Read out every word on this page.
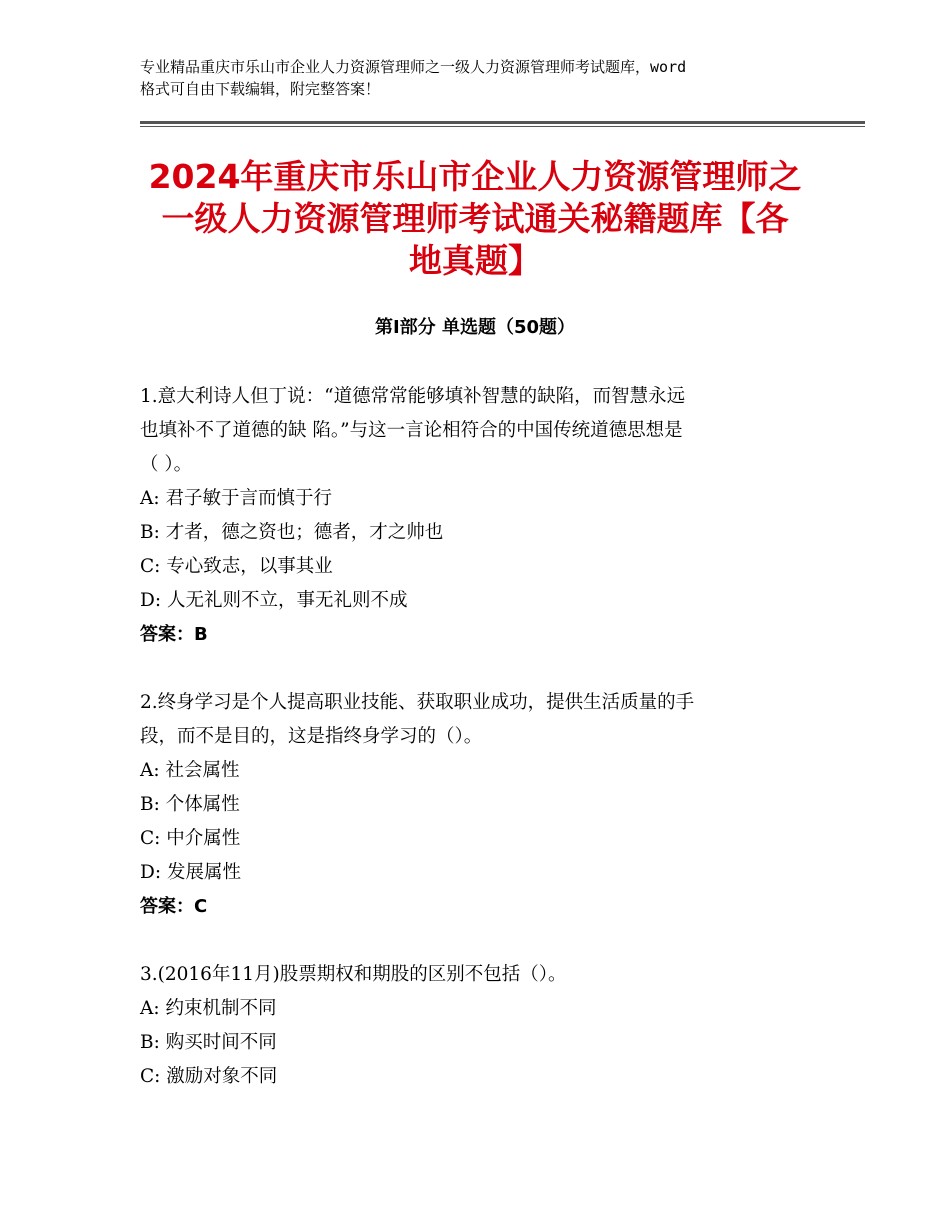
专业精品重庆市乐山市企业人力资源管理师之一级人力资源管理师考试题库，word
格式可自由下载编辑，附完整答案！
2024年重庆市乐山市企业人力资源管理师之
一级人力资源管理师考试通关秘籍题库【各
地真题】
第Ⅰ部分 单选题（50题）
1.意大利诗人但丁说：“道德常常能够填补智慧的缺陷，而智慧永远
也填补不了道德的缺 陷。”与这一言论相符合的中国传统道德思想是
（ ）。
A: 君子敏于言而慎于行
B: 才者，德之资也；德者，才之帅也
C: 专心致志，以事其业
D: 人无礼则不立，事无礼则不成
答案：B
2.终身学习是个人提高职业技能、获取职业成功，提供生活质量的手
段，而不是目的，这是指终身学习的（）。
A: 社会属性
B: 个体属性
C: 中介属性
D: 发展属性
答案：C
3.(2016年11月)股票期权和期股的区别不包括（）。
A: 约束机制不同
B: 购买时间不同
C: 激励对象不同
